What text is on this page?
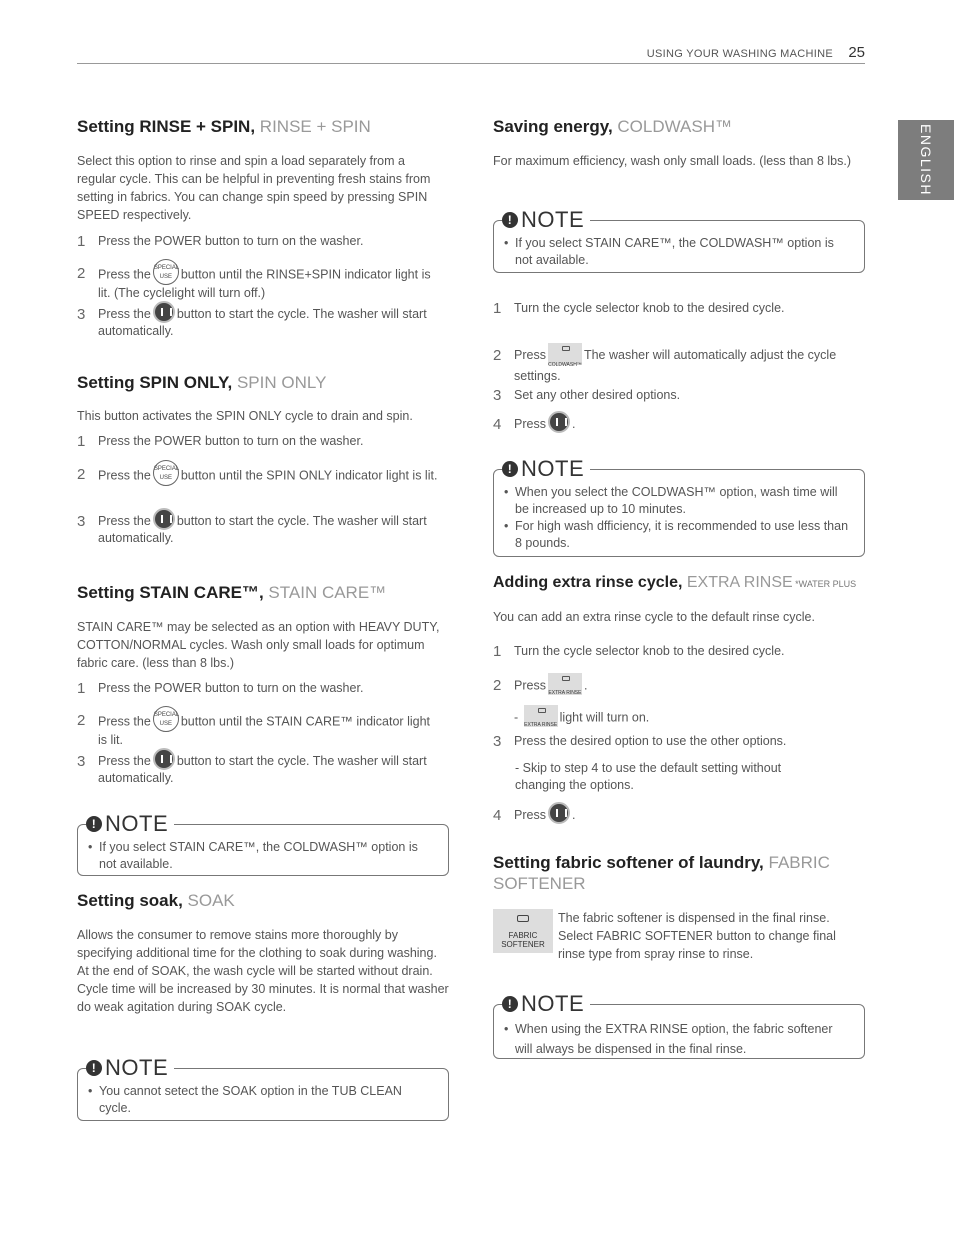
USING YOUR WASHING MACHINE 25
ENGLISH
Setting RINSE + SPIN, RINSE + SPIN

Select this option to rinse and spin a load separately from a regular cycle. This can be helpful in preventing fresh stains from setting in fabrics. You can change spin speed by pressing SPIN SPEED respectively.

1	Press the POWER button to turn on the washer.
2	Press the SPECIAL
USE button until the RINSE+SPIN indicator light is lit. (The cyclelight will turn off.)
3	Press the button to start the cycle. The washer will start automatically.
Setting SPIN ONLY, SPIN ONLY

This button activates the SPIN ONLY cycle to drain and spin.

1	Press the POWER button to turn on the washer.
2	Press the SPECIAL
USE button until the SPIN ONLY indicator light is lit.
3	Press the button to start the cycle. The washer will start automatically.
Setting STAIN CARE™, STAIN CARE™

STAIN CARE™ may be selected as an option with HEAVY DUTY, COTTON/NORMAL cycles. Wash only small loads for optimum fabric care. (less than 8 lbs.)

1	Press the POWER button to turn on the washer.
2	Press the SPECIAL
USE button until the STAIN CARE™ indicator light is lit.
3	Press the button to start the cycle. The washer will start automatically.
! NOTE
• If you select STAIN CARE™, the COLDWASH™ option is not available.
Setting soak, SOAK

Allows the consumer to remove stains more thoroughly by specifying additional time for the clothing to soak during washing. At the end of SOAK, the wash cycle will be started without drain. Cycle time will be increased by 30 minutes. It is normal that washer do weak agitation during SOAK cycle.

! NOTE
• You cannot setect the SOAK option in the TUB CLEAN cycle.
Saving energy, COLDWASH™

For maximum efficiency, wash only small loads. (less than 8 lbs.)

! NOTE
• If you select STAIN CARE™, the COLDWASH™ option is not available.
1	Turn the cycle selector knob to the desired cycle.
2	PressCOLDWASH™The washer will automatically adjust the cycle settings.
3	Set any other desired options.
4	Press .
! NOTE
• When you select the COLDWASH™ option, wash time will be increased up to 10 minutes.
• For high wash dfficiency, it is recommended to use less than 8 pounds.
Adding extra rinse cycle, EXTRA RINSE *WATER PLUS

You can add an extra rinse cycle to the default rinse cycle.

1	Turn the cycle selector knob to the desired cycle.
2	PressEXTRA RINSE.
- EXTRA RINSElight will turn on.
3	Press the desired option to use the other options.
- Skip to step 4 to use the default setting without changing the options.
4	Press .
Setting fabric softener of laundry, FABRIC
SOFTENER
FABRIC SOFTENER

The fabric softener is dispensed in the final rinse. Select FABRIC SOFTENER button to change final rinse type from spray rinse to rinse.

! NOTE
• When using the EXTRA RINSE option, the fabric softener will always be dispensed in the final rinse.
